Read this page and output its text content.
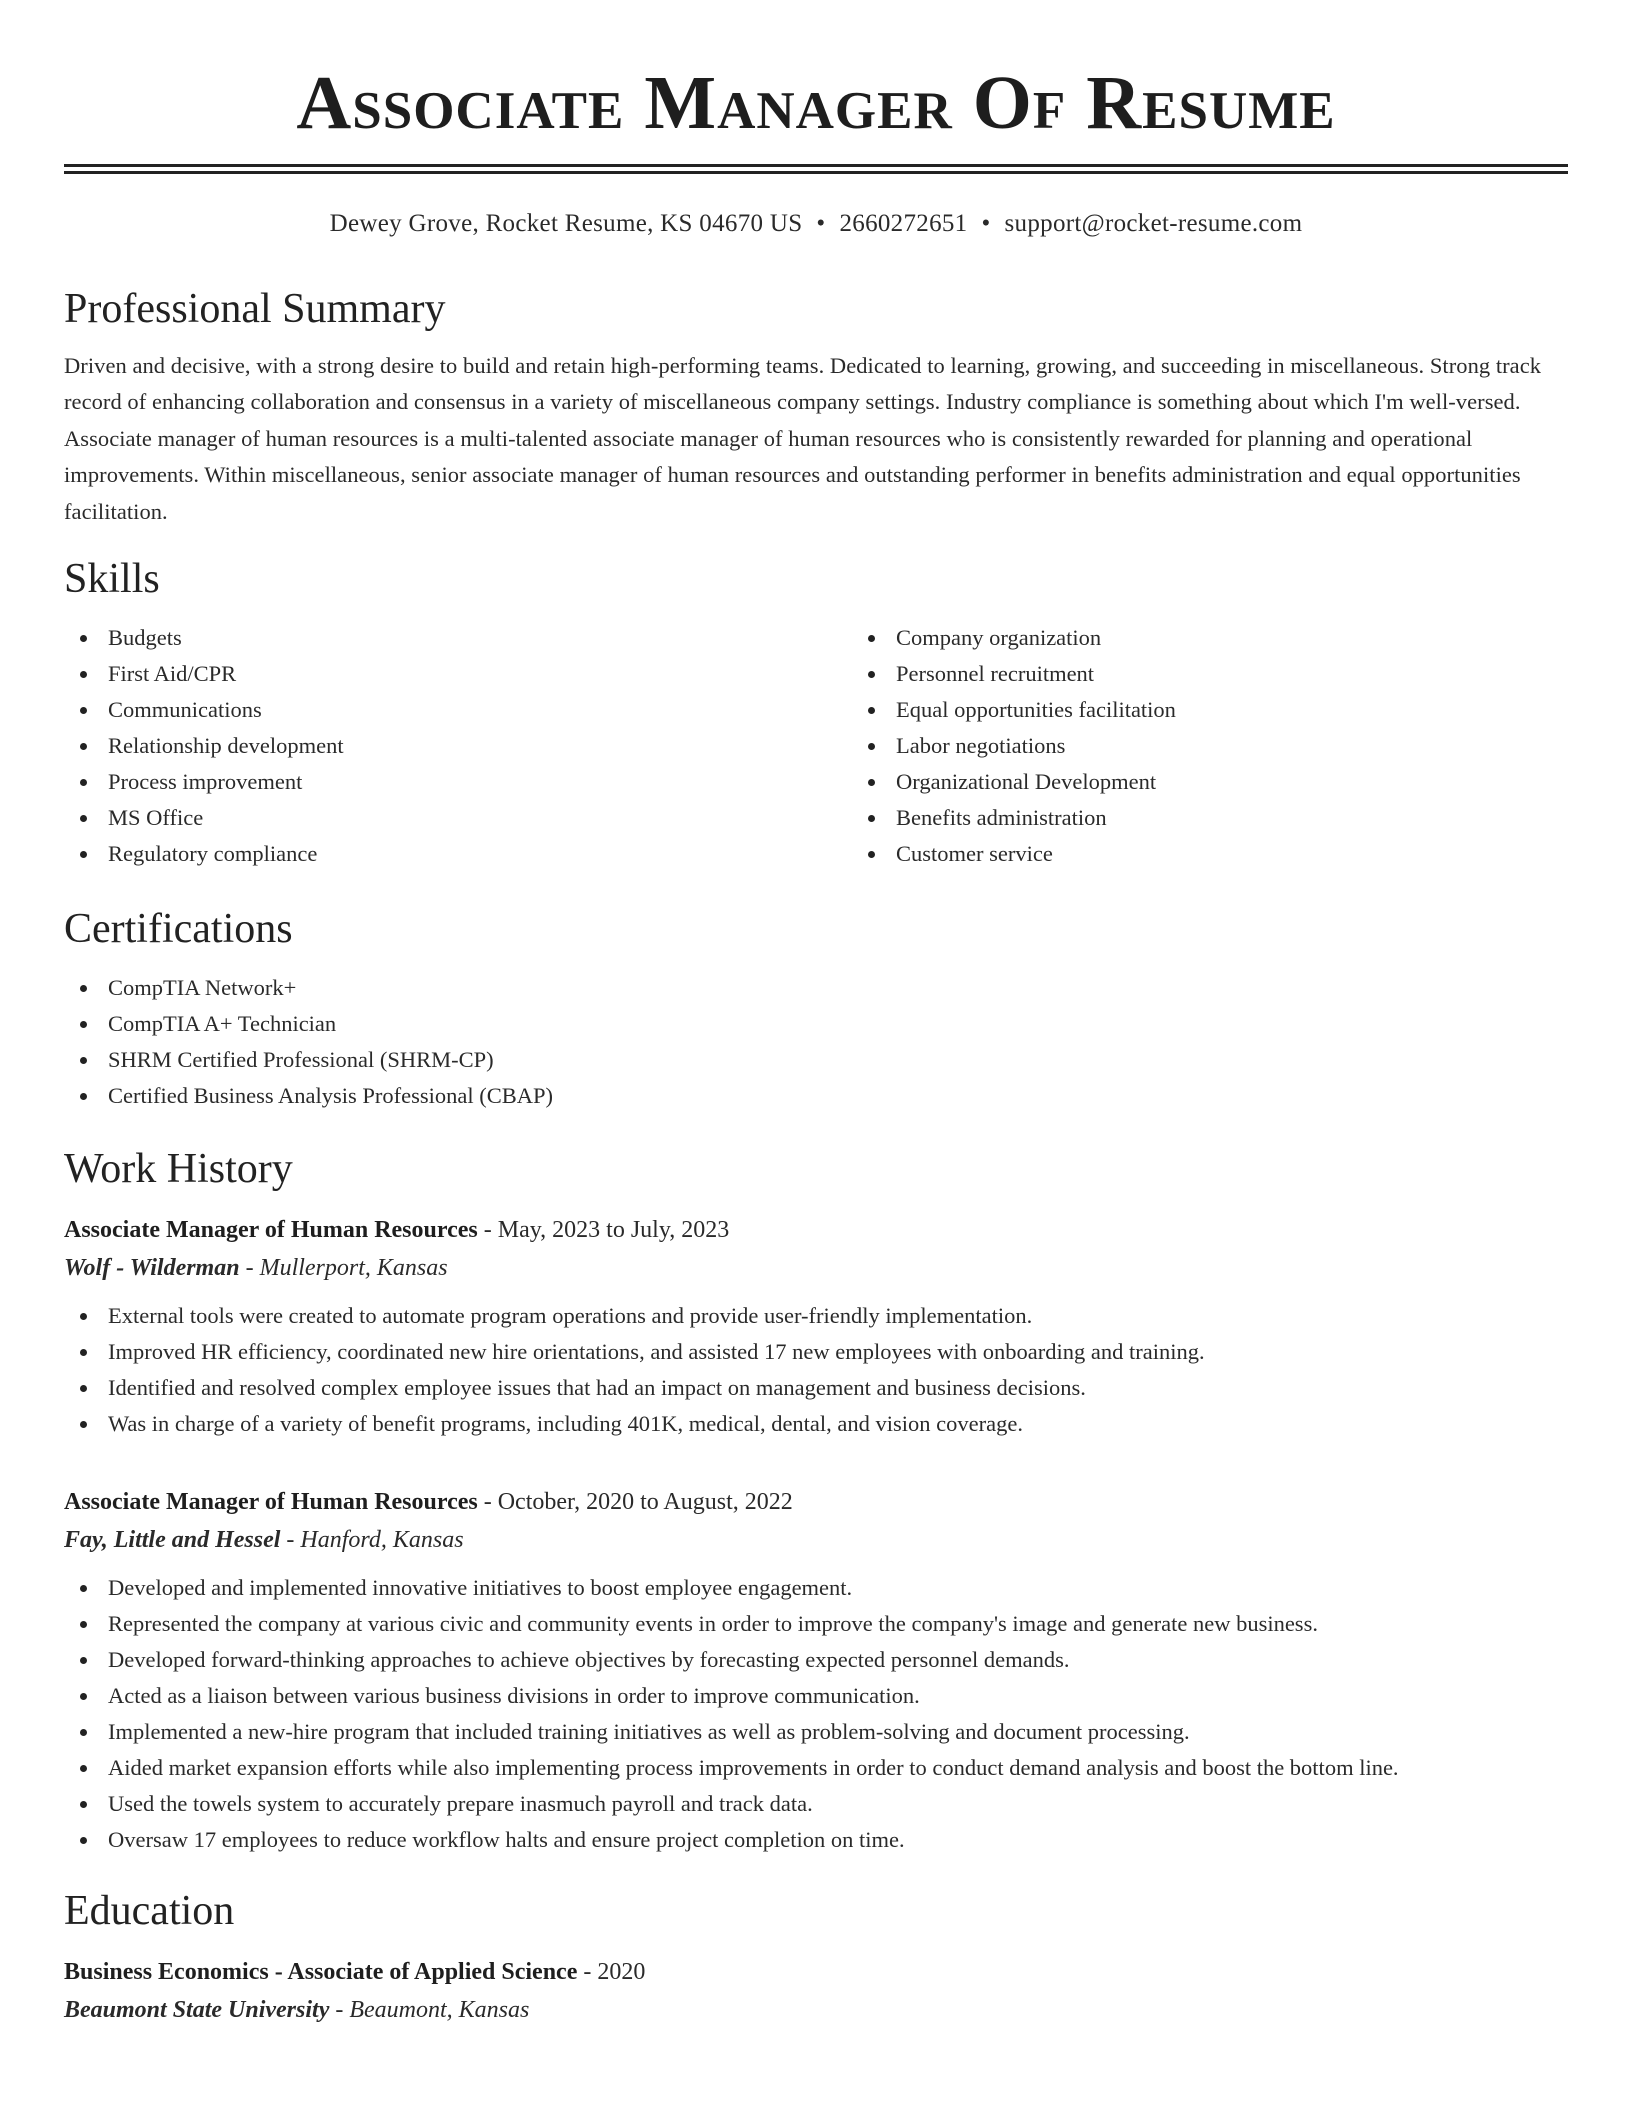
Associate Manager Of Resume
Dewey Grove, Rocket Resume, KS 04670 US • 2660272651 • support@rocket-resume.com
Professional Summary

Driven and decisive, with a strong desire to build and retain high-performing teams. Dedicated to learning, growing, and succeeding in miscellaneous. Strong track record of enhancing collaboration and consensus in a variety of miscellaneous company settings. Industry compliance is something about which I'm well-versed. Associate manager of human resources is a multi-talented associate manager of human resources who is consistently rewarded for planning and operational improvements. Within miscellaneous, senior associate manager of human resources and outstanding performer in benefits administration and equal opportunities facilitation.

Skills
Budgets
First Aid/CPR
Communications
Relationship development
Process improvement
MS Office
Regulatory compliance
Company organization
Personnel recruitment
Equal opportunities facilitation
Labor negotiations
Organizational Development
Benefits administration
Customer service
Certifications
CompTIA Network+
CompTIA A+ Technician
SHRM Certified Professional (SHRM-CP)
Certified Business Analysis Professional (CBAP)
Work History
Associate Manager of Human Resources - May, 2023 to July, 2023
Wolf - Wilderman - Mullerport, Kansas
External tools were created to automate program operations and provide user-friendly implementation.
Improved HR efficiency, coordinated new hire orientations, and assisted 17 new employees with onboarding and training.
Identified and resolved complex employee issues that had an impact on management and business decisions.
Was in charge of a variety of benefit programs, including 401K, medical, dental, and vision coverage.
Associate Manager of Human Resources - October, 2020 to August, 2022
Fay, Little and Hessel - Hanford, Kansas
Developed and implemented innovative initiatives to boost employee engagement.
Represented the company at various civic and community events in order to improve the company's image and generate new business.
Developed forward-thinking approaches to achieve objectives by forecasting expected personnel demands.
Acted as a liaison between various business divisions in order to improve communication.
Implemented a new-hire program that included training initiatives as well as problem-solving and document processing.
Aided market expansion efforts while also implementing process improvements in order to conduct demand analysis and boost the bottom line.
Used the towels system to accurately prepare inasmuch payroll and track data.
Oversaw 17 employees to reduce workflow halts and ensure project completion on time.
Education
Business Economics - Associate of Applied Science - 2020
Beaumont State University - Beaumont, Kansas
